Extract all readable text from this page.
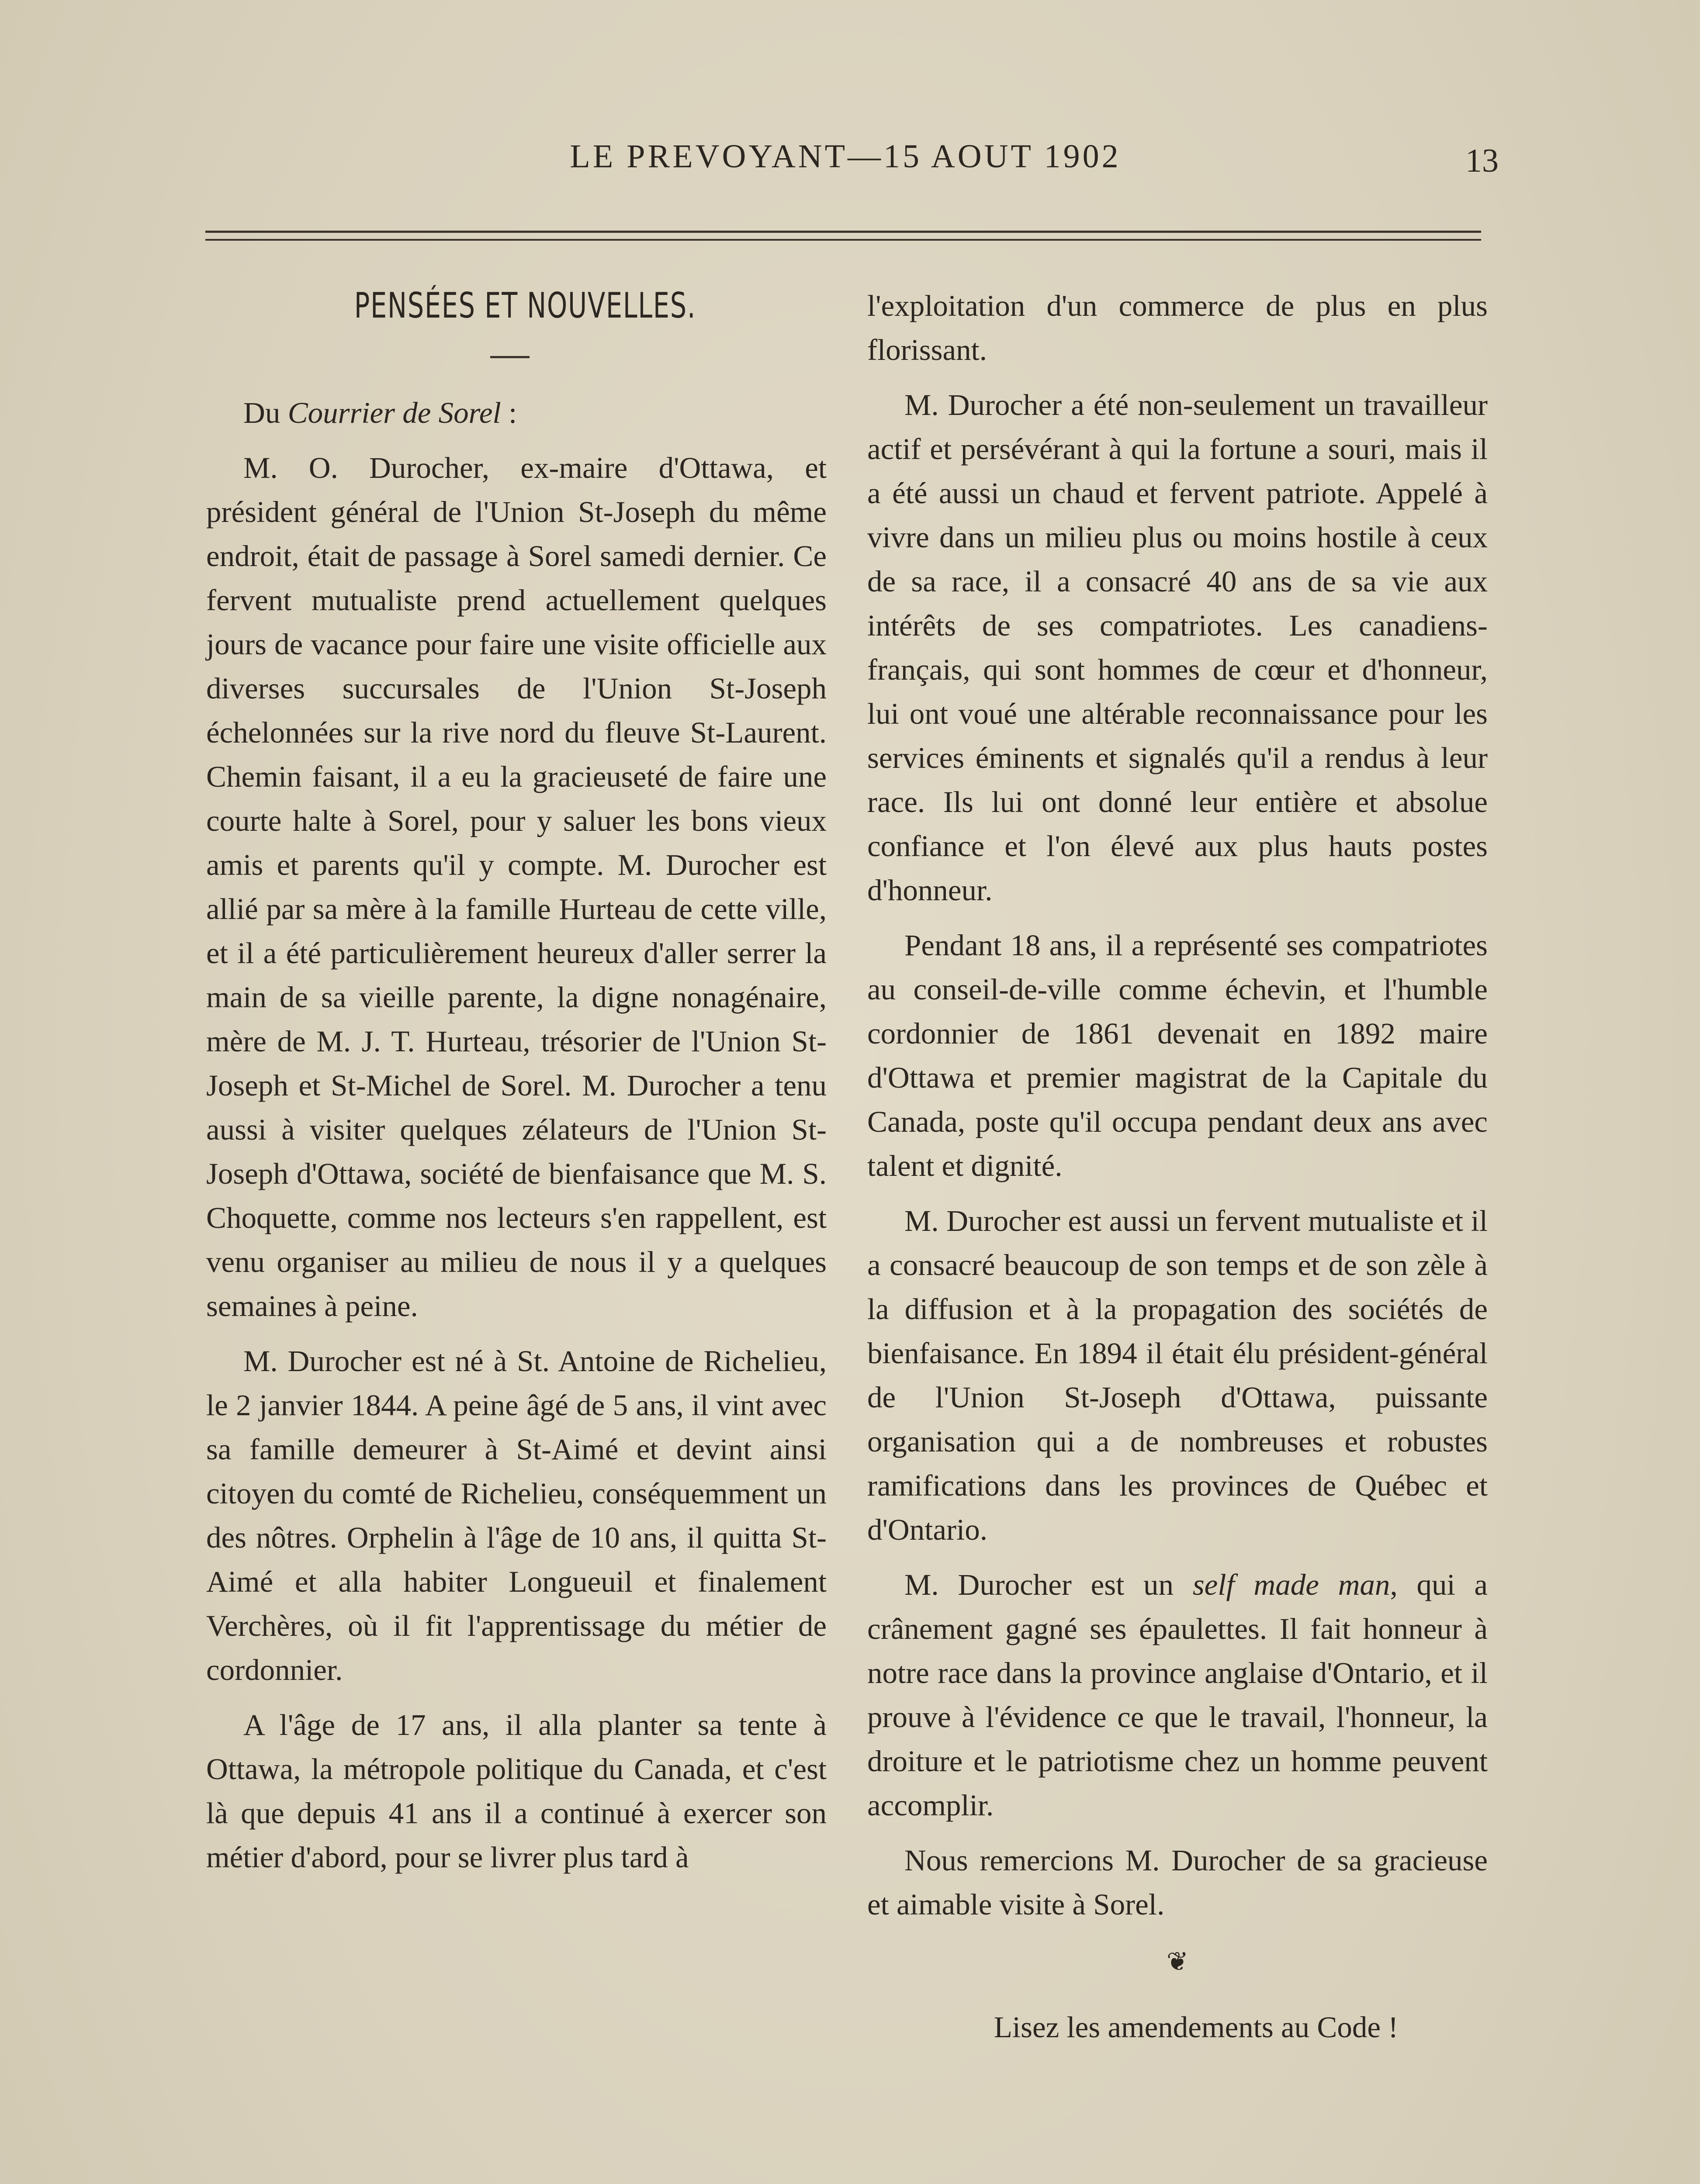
LE PREVOYANT—15 AOUT 1902	13
PENSÉES ET NOUVELLES.

Du Courrier de Sorel :

M. O. Durocher, ex-maire d'Ottawa, et président général de l'Union St-Joseph du même endroit, était de passage à Sorel samedi dernier. Ce fervent mutualiste prend actuellement quelques jours de vacance pour faire une visite officielle aux diverses succursales de l'Union St-Joseph échelonnées sur la rive nord du fleuve St-Laurent. Chemin faisant, il a eu la gracieuseté de faire une courte halte à Sorel, pour y saluer les bons vieux amis et parents qu'il y compte. M. Durocher est allié par sa mère à la famille Hurteau de cette ville, et il a été particulièrement heureux d'aller serrer la main de sa vieille parente, la digne nonagénaire, mère de M. J. T. Hurteau, trésorier de l'Union St-Joseph et St-Michel de Sorel. M. Durocher a tenu aussi à visiter quelques zélateurs de l'Union St-Joseph d'Ottawa, société de bienfaisance que M. S. Choquette, comme nos lecteurs s'en rappellent, est venu organiser au milieu de nous il y a quelques semaines à peine.

M. Durocher est né à St. Antoine de Richelieu, le 2 janvier 1844. A peine âgé de 5 ans, il vint avec sa famille demeurer à St-Aimé et devint ainsi citoyen du comté de Richelieu, conséquemment un des nôtres. Orphelin à l'âge de 10 ans, il quitta St-Aimé et alla habiter Longueuil et finalement Verchères, où il fit l'apprentissage du métier de cordonnier.

A l'âge de 17 ans, il alla planter sa tente à Ottawa, la métropole politique du Canada, et c'est là que depuis 41 ans il a continué à exercer son métier d'abord, pour se livrer plus tard à

l'exploitation d'un commerce de plus en plus florissant.

M. Durocher a été non-seulement un travailleur actif et persévérant à qui la fortune a souri, mais il a été aussi un chaud et fervent patriote. Appelé à vivre dans un milieu plus ou moins hostile à ceux de sa race, il a consacré 40 ans de sa vie aux intérêts de ses compatriotes. Les canadiens-français, qui sont hommes de cœur et d'honneur, lui ont voué une altérable reconnaissance pour les services éminents et signalés qu'il a rendus à leur race. Ils lui ont donné leur entière et absolue confiance et l'on élevé aux plus hauts postes d'honneur.

Pendant 18 ans, il a représenté ses compatriotes au conseil-de-ville comme échevin, et l'humble cordonnier de 1861 devenait en 1892 maire d'Ottawa et premier magistrat de la Capitale du Canada, poste qu'il occupa pendant deux ans avec talent et dignité.

M. Durocher est aussi un fervent mutualiste et il a consacré beaucoup de son temps et de son zèle à la diffusion et à la propagation des sociétés de bienfaisance. En 1894 il était élu président-général de l'Union St-Joseph d'Ottawa, puissante organisation qui a de nombreuses et robustes ramifications dans les provinces de Québec et d'Ontario.

M. Durocher est un self made man, qui a crânement gagné ses épaulettes. Il fait honneur à notre race dans la province anglaise d'Ontario, et il prouve à l'évidence ce que le travail, l'honneur, la droiture et le patriotisme chez un homme peuvent accomplir.

Nous remercions M. Durocher de sa gracieuse et aimable visite à Sorel.

❦

Lisez les amendements au Code !
